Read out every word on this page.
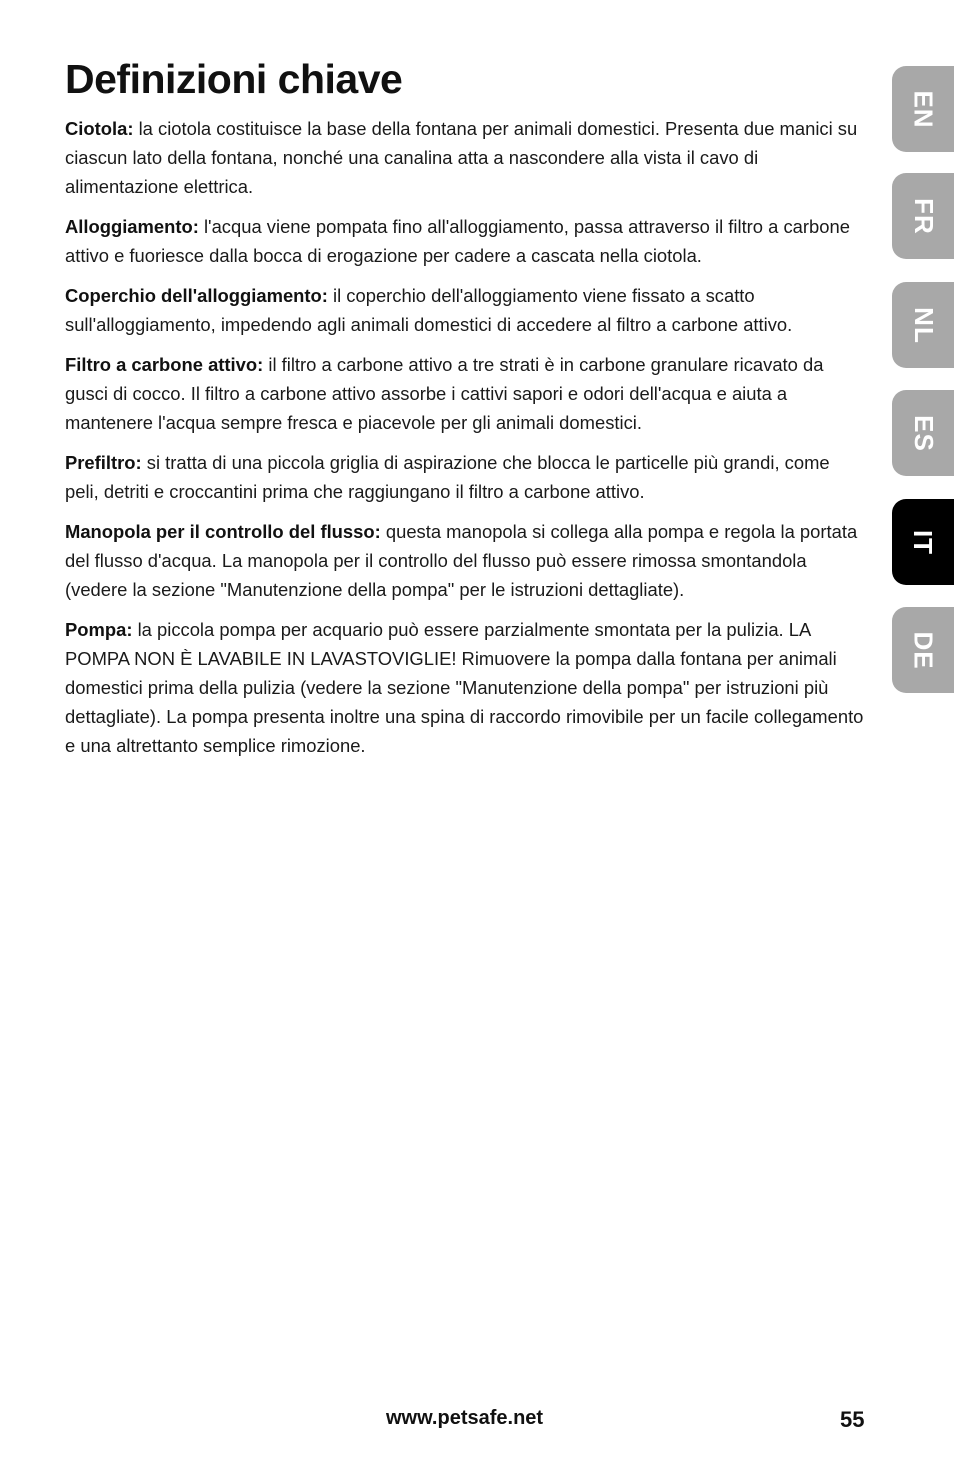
Definizioni chiave

Ciotola: la ciotola costituisce la base della fontana per animali domestici. Presenta due manici su ciascun lato della fontana, nonché una canalina atta a nascondere alla vista il cavo di alimentazione elettrica.

Alloggiamento: l'acqua viene pompata fino all'alloggiamento, passa attraverso il filtro a carbone attivo e fuoriesce dalla bocca di erogazione per cadere a cascata nella ciotola.

Coperchio dell'alloggiamento: il coperchio dell'alloggiamento viene fissato a scatto sull'alloggiamento, impedendo agli animali domestici di accedere al filtro a carbone attivo.

Filtro a carbone attivo: il filtro a carbone attivo a tre strati è in carbone granulare ricavato da gusci di cocco. Il filtro a carbone attivo assorbe i cattivi sapori e odori dell'acqua e aiuta a mantenere l'acqua sempre fresca e piacevole per gli animali domestici.

Prefiltro: si tratta di una piccola griglia di aspirazione che blocca le particelle più grandi, come peli, detriti e croccantini prima che raggiungano il filtro a carbone attivo.

Manopola per il controllo del flusso: questa manopola si collega alla pompa e regola la portata del flusso d'acqua. La manopola per il controllo del flusso può essere rimossa smontandola (vedere la sezione "Manutenzione della pompa" per le istruzioni dettagliate).

Pompa: la piccola pompa per acquario può essere parzialmente smontata per la pulizia. LA POMPA NON È LAVABILE IN LAVASTOVIGLIE! Rimuovere la pompa dalla fontana per animali domestici prima della pulizia (vedere la sezione "Manutenzione della pompa" per istruzioni più dettagliate). La pompa presenta inoltre una spina di raccordo rimovibile per un facile collegamento e una altrettanto semplice rimozione.

EN
FR
NL
ES
IT
DE
www.petsafe.net	55
